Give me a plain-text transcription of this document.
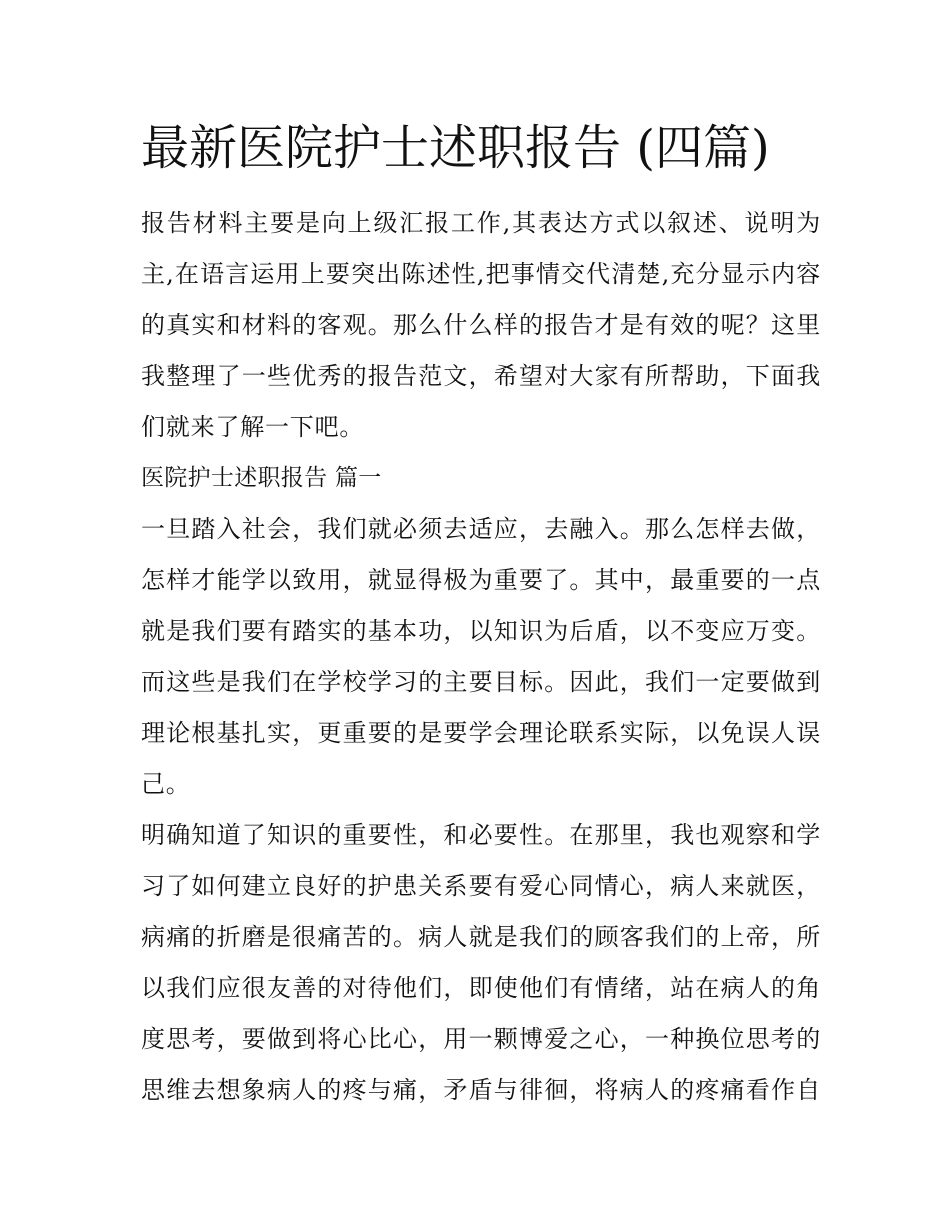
最新医院护士述职报告 (四篇)
报告材料主要是向上级汇报工作,其表达方式以叙述、说明为
主,在语言运用上要突出陈述性,把事情交代清楚,充分显示内容
的真实和材料的客观。那么什么样的报告才是有效的呢？这里
我整理了一些优秀的报告范文，希望对大家有所帮助，下面我
们就来了解一下吧。
医院护士述职报告 篇一
一旦踏入社会，我们就必须去适应，去融入。那么怎样去做，
怎样才能学以致用，就显得极为重要了。其中，最重要的一点
就是我们要有踏实的基本功，以知识为后盾，以不变应万变。
而这些是我们在学校学习的主要目标。因此，我们一定要做到
理论根基扎实，更重要的是要学会理论联系实际，以免误人误
己。
明确知道了知识的重要性，和必要性。在那里，我也观察和学
习了如何建立良好的护患关系要有爱心同情心，病人来就医，
病痛的折磨是很痛苦的。病人就是我们的顾客我们的上帝，所
以我们应很友善的对待他们，即使他们有情绪，站在病人的角
度思考，要做到将心比心，用一颗博爱之心，一种换位思考的
思维去想象病人的疼与痛，矛盾与徘徊，将病人的疼痛看作自
